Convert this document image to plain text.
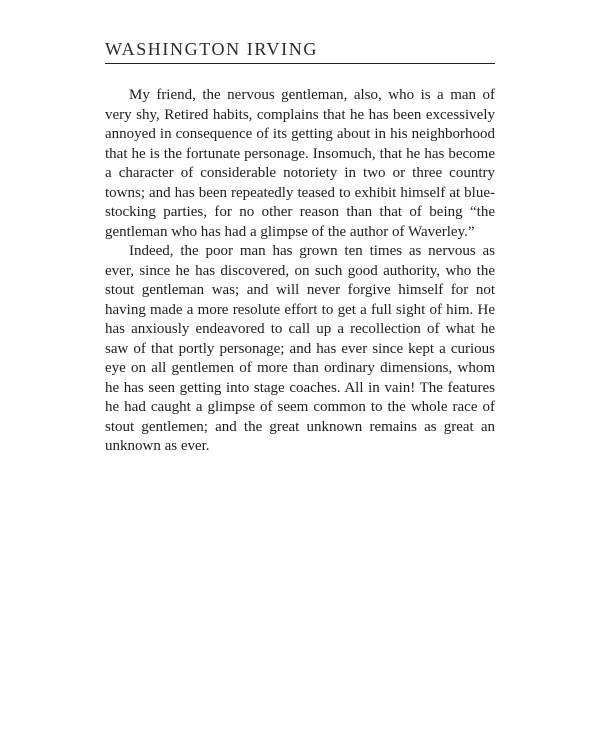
WASHINGTON IRVING

My friend, the nervous gentleman, also, who is a man of very shy, Retired habits, complains that he has been excessively annoyed in consequence of its getting about in his neighborhood that he is the fortunate personage. Insomuch, that he has become a character of considerable notoriety in two or three country towns; and has been repeatedly teased to exhibit himself at blue-stocking parties, for no other reason than that of being “the gentleman who has had a glimpse of the author of Waverley.”

Indeed, the poor man has grown ten times as nervous as ever, since he has discovered, on such good authority, who the stout gentleman was; and will never forgive himself for not having made a more resolute effort to get a full sight of him. He has anxiously endeavored to call up a recollection of what he saw of that portly personage; and has ever since kept a curious eye on all gentlemen of more than ordinary dimensions, whom he has seen getting into stage coaches. All in vain! The features he had caught a glimpse of seem common to the whole race of stout gentlemen; and the great unknown remains as great an unknown as ever.
